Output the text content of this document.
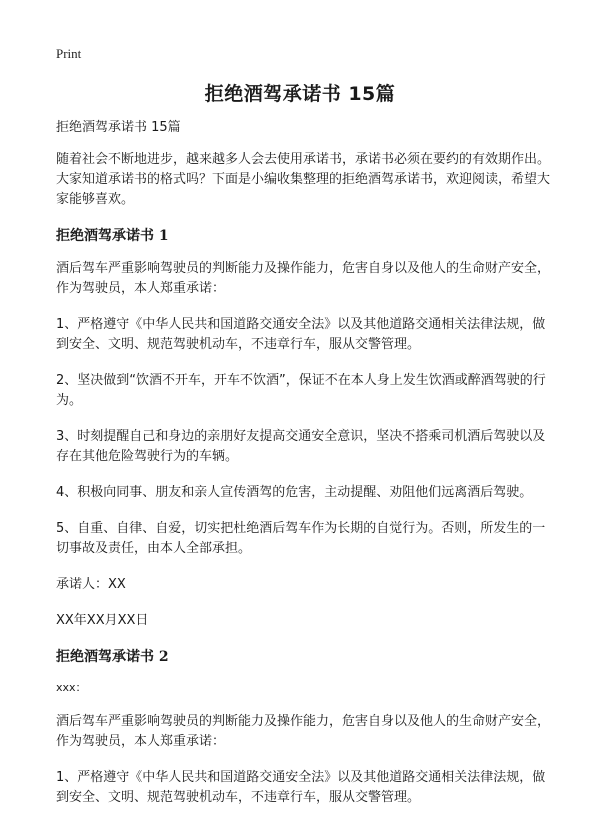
Print
拒绝酒驾承诺书 15篇

拒绝酒驾承诺书 15篇

随着社会不断地进步，越来越多人会去使用承诺书，承诺书必须在要约的有效期作出。大家知道承诺书的格式吗？下面是小编收集整理的拒绝酒驾承诺书，欢迎阅读，希望大家能够喜欢。

拒绝酒驾承诺书 1

酒后驾车严重影响驾驶员的判断能力及操作能力，危害自身以及他人的生命财产安全，作为驾驶员，本人郑重承诺：

1、严格遵守《中华人民共和国道路交通安全法》以及其他道路交通相关法律法规，做到安全、文明、规范驾驶机动车，不违章行车，服从交警管理。

2、坚决做到“饮酒不开车，开车不饮酒”，保证不在本人身上发生饮酒或醉酒驾驶的行为。

3、时刻提醒自己和身边的亲朋好友提高交通安全意识，坚决不搭乘司机酒后驾驶以及存在其他危险驾驶行为的车辆。

4、积极向同事、朋友和亲人宣传酒驾的危害，主动提醒、劝阻他们远离酒后驾驶。

5、自重、自律、自爱，切实把杜绝酒后驾车作为长期的自觉行为。否则，所发生的一切事故及责任，由本人全部承担。

承诺人：XX

XX年XX月XX日

拒绝酒驾承诺书 2

xxx：

酒后驾车严重影响驾驶员的判断能力及操作能力，危害自身以及他人的生命财产安全，作为驾驶员，本人郑重承诺：

1、严格遵守《中华人民共和国道路交通安全法》以及其他道路交通相关法律法规，做到安全、文明、规范驾驶机动车，不违章行车，服从交警管理。
